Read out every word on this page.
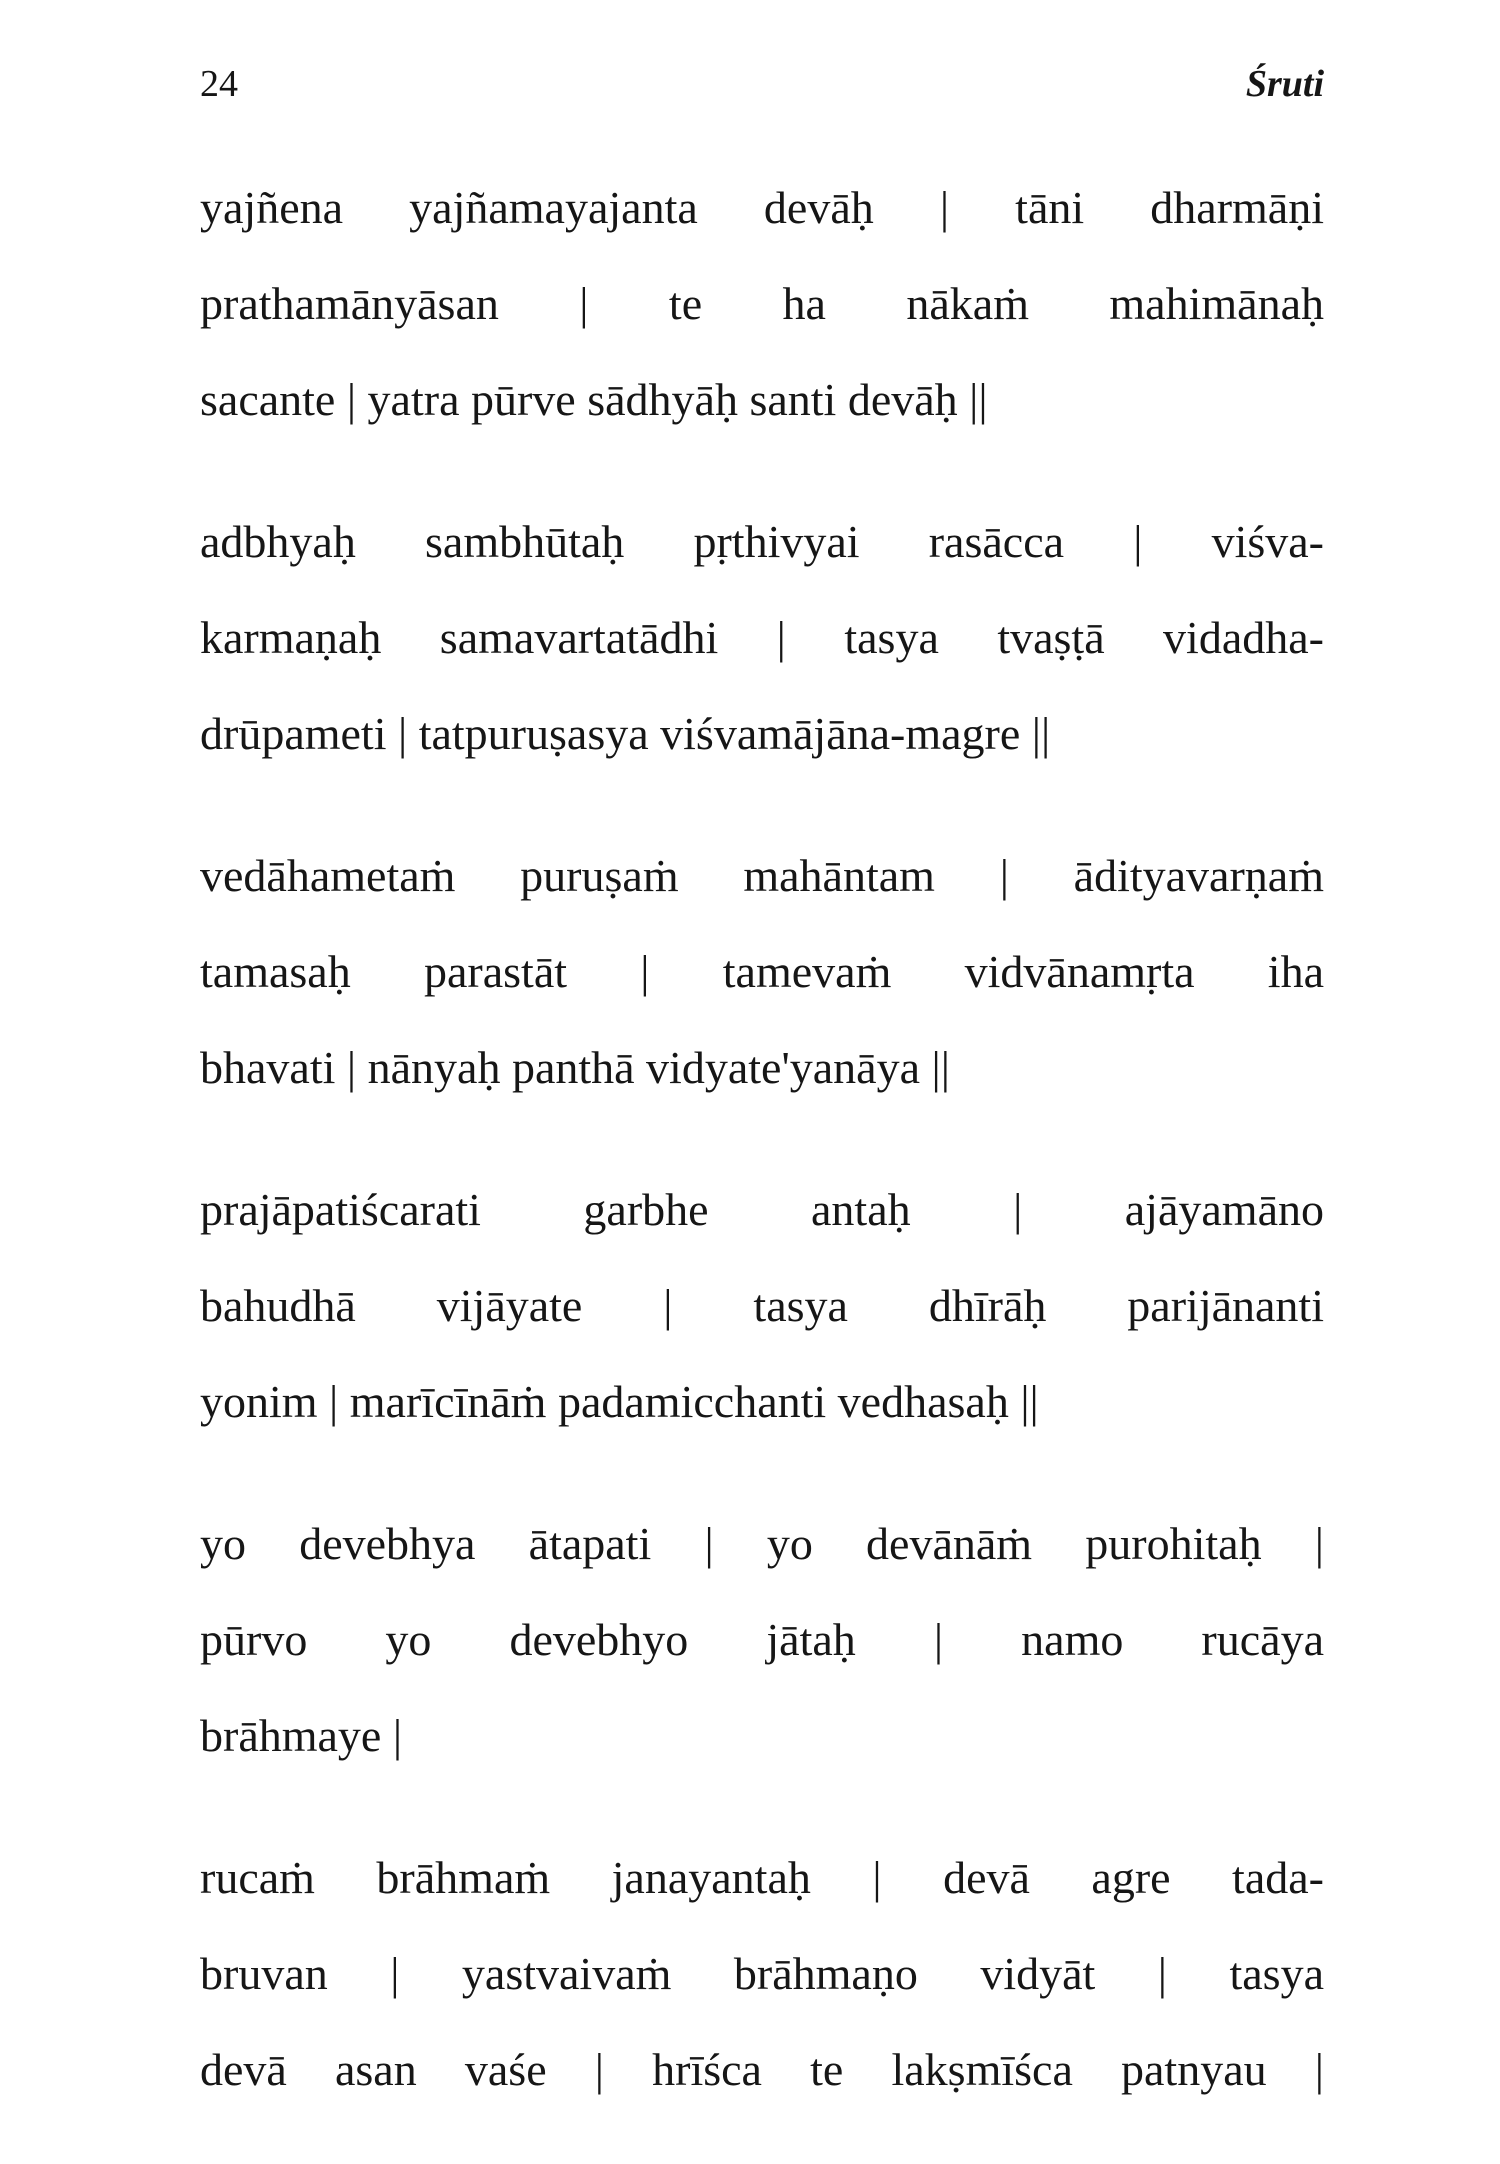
24	Śruti
yajñena yajñamayajanta devāḥ | tāni dharmāṇi
prathamānyāsan | te ha nākaṁ mahimānaḥ
sacante | yatra pūrve sādhyāḥ santi devāḥ ||
adbhyaḥ sambhūtaḥ pṛthivyai rasācca | viśva-
karmaṇaḥ samavartatādhi | tasya tvaṣṭā vidadha-
drūpameti | tatpuruṣasya viśvamājāna-magre ||
vedāhametaṁ puruṣaṁ mahāntam | ādityavarṇaṁ
tamasaḥ parastāt | tamevaṁ vidvānamṛta iha
bhavati | nānyaḥ panthā vidyate'yanāya ||
prajāpatiścarati garbhe antaḥ | ajāyamāno
bahudhā vijāyate | tasya dhīrāḥ parijānanti
yonim | marīcīnāṁ padamicchanti vedhasaḥ ||
yo devebhya ātapati | yo devānāṁ purohitaḥ |
pūrvo yo devebhyo jātaḥ | namo rucāya
brāhmaye |
rucaṁ brāhmaṁ janayantaḥ | devā agre tada-
bruvan | yastvaivaṁ brāhmaṇo vidyāt | tasya
devā asan vaśe | hrīśca te lakṣmīśca patnyau |
